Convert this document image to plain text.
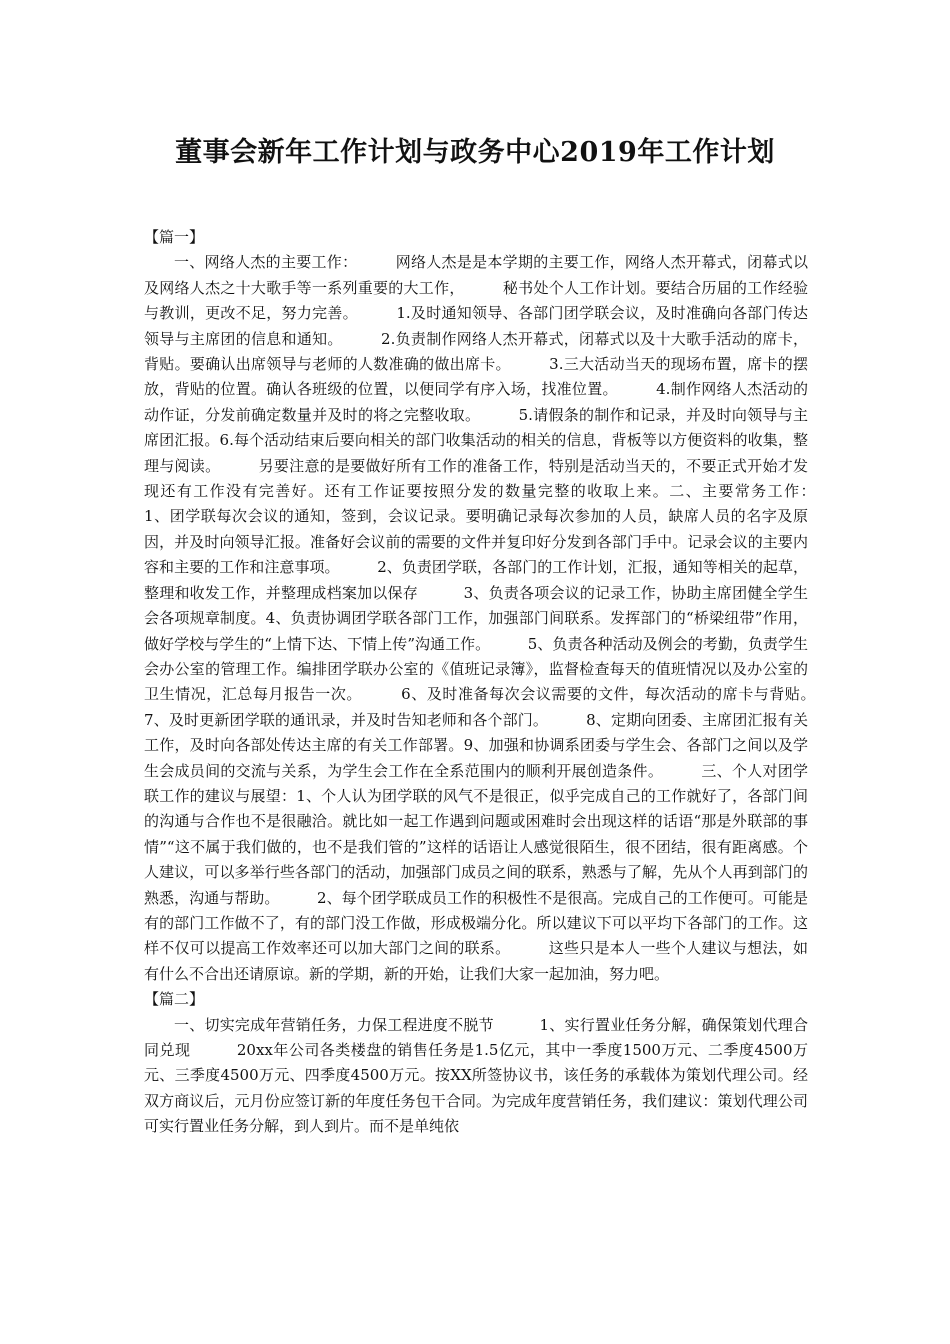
董事会新年工作计划与政务中心2019年工作计划

【篇一】

一、网络人杰的主要工作：　　　网络人杰是是本学期的主要工作，网络人杰开幕式，闭幕式以及网络人杰之十大歌手等一系列重要的大工作，　　　秘书处个人工作计划。要结合历届的工作经验与教训，更改不足，努力完善。　　　1.及时通知领导、各部门团学联会议，及时准确向各部门传达领导与主席团的信息和通知。　　　2.负责制作网络人杰开幕式，闭幕式以及十大歌手活动的席卡，背贴。要确认出席领导与老师的人数准确的做出席卡。　　　3.三大活动当天的现场布置，席卡的摆放，背贴的位置。确认各班级的位置，以便同学有序入场，找准位置。　　　4.制作网络人杰活动的动作证，分发前确定数量并及时的将之完整收取。　　　5.请假条的制作和记录，并及时向领导与主席团汇报。6.每个活动结束后要向相关的部门收集活动的相关的信息，背板等以方便资料的收集，整理与阅读。　　　另要注意的是要做好所有工作的准备工作，特别是活动当天的，不要正式开始才发现还有工作没有完善好。还有工作证要按照分发的数量完整的收取上来。二、主要常务工作：　　　1、团学联每次会议的通知，签到，会议记录。要明确记录每次参加的人员，缺席人员的名字及原因，并及时向领导汇报。准备好会议前的需要的文件并复印好分发到各部门手中。记录会议的主要内容和主要的工作和注意事项。　　　2、负责团学联，各部门的工作计划，汇报，通知等相关的起草，整理和收发工作，并整理成档案加以保存　　　3、负责各项会议的记录工作，协助主席团健全学生会各项规章制度。4、负责协调团学联各部门工作，加强部门间联系。发挥部门的“桥梁纽带”作用，做好学校与学生的“上情下达、下情上传”沟通工作。　　　5、负责各种活动及例会的考勤，负责学生会办公室的管理工作。编排团学联办公室的《值班记录簿》，监督检查每天的值班情况以及办公室的卫生情况，汇总每月报告一次。　　　6、及时准备每次会议需要的文件，每次活动的席卡与背贴。　　　7、及时更新团学联的通讯录，并及时告知老师和各个部门。　　　8、定期向团委、主席团汇报有关工作，及时向各部处传达主席的有关工作部署。9、加强和协调系团委与学生会、各部门之间以及学生会成员间的交流与关系，为学生会工作在全系范围内的顺利开展创造条件。　　　三、个人对团学联工作的建议与展望：1、个人认为团学联的风气不是很正，似乎完成自己的工作就好了，各部门间的沟通与合作也不是很融洽。就比如一起工作遇到问题或困难时会出现这样的话语“那是外联部的事情”“这不属于我们做的，也不是我们管的”这样的话语让人感觉很陌生，很不团结，很有距离感。个人建议，可以多举行些各部门的活动，加强部门成员之间的联系，熟悉与了解，先从个人再到部门的熟悉，沟通与帮助。　　　2、每个团学联成员工作的积极性不是很高。完成自己的工作便可。可能是有的部门工作做不了，有的部门没工作做，形成极端分化。所以建议下可以平均下各部门的工作。这样不仅可以提高工作效率还可以加大部门之间的联系。　　　这些只是本人一些个人建议与想法，如有什么不合出还请原谅。新的学期，新的开始，让我们大家一起加油，努力吧。

【篇二】

一、切实完成年营销任务，力保工程进度不脱节　　　1、实行置业任务分解，确保策划代理合同兑现　　　20xx年公司各类楼盘的销售任务是1.5亿元，其中一季度1500万元、二季度4500万元、三季度4500万元、四季度4500万元。按XX所签协议书，该任务的承载体为策划代理公司。经双方商议后，元月份应签订新的年度任务包干合同。为完成年度营销任务，我们建议：策划代理公司可实行置业任务分解，到人到片。而不是单纯依
